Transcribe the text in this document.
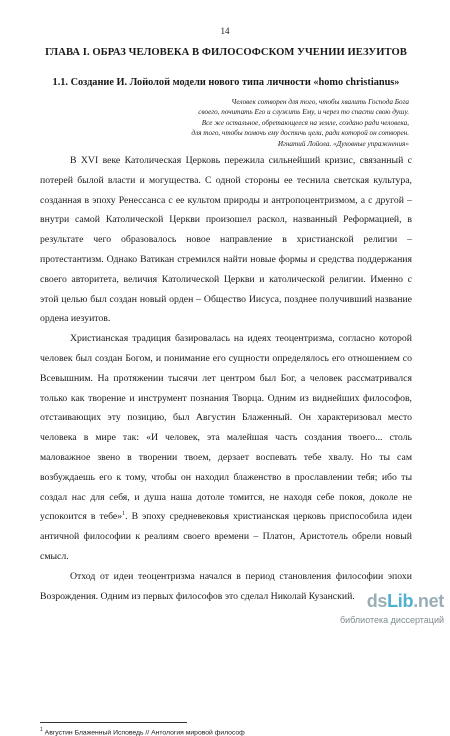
14
ГЛАВА I. ОБРАЗ ЧЕЛОВЕКА В ФИЛОСОФСКОМ УЧЕНИИ ИЕЗУИТОВ
1.1. Создание И. Лойолой модели нового типа личности «homo christianus»
Человек сотворен для того, чтобы хвалить Господа Бога
своего, почитать Его и служить Ему, и через то спасти свою душу.
Все же остальное, обретающееся на земле, создано ради человека,
для того, чтобы помочь ему достичь цели, ради которой он сотворен.
Игнатий Лойола. «Духовные упражнения»

В XVI веке Католическая Церковь пережила сильнейший кризис, связанный с потерей былой власти и могущества. С одной стороны ее теснила светская культура, созданная в эпоху Ренессанса с ее культом природы и антропоцентризмом, а с другой – внутри самой Католической Церкви произошел раскол, названный Реформацией, в результате чего образовалось новое направление в христианской религии – протестантизм. Однако Ватикан стремился найти новые формы и средства поддержания своего авторитета, величия Католической Церкви и католической религии. Именно с этой целью был создан новый орден – Общество Иисуса, позднее получивший название ордена иезуитов.

Христианская традиция базировалась на идеях теоцентризма, согласно которой человек был создан Богом, и понимание его сущности определялось его отношением со Всевышним. На протяжении тысячи лет центром был Бог, а человек рассматривался только как творение и инструмент познания Творца. Одним из виднейших философов, отстаивающих эту позицию, был Августин Блаженный. Он характеризовал место человека в мире так: «И человек, эта малейшая часть создания твоего... столь маловажное звено в творении твоем, дерзает воспевать тебе хвалу. Но ты сам возбуждаешь его к тому, чтобы он находил блаженство в прославлении тебя; ибо ты создал нас для себя, и душа наша дотоле томится, не находя себе покоя, доколе не успокоится в тебе»$^1$. В эпоху средневековья христианская церковь приспособила идеи античной философии к реалиям своего времени – Платон, Аристотель обрели новый смысл.

Отход от идеи теоцентризма начался в период становления философии эпохи Возрождения. Одним из первых философов это сделал Николай Кузанский.

$^1$ Августин Блаженный Исповедь // Антология мировой философ
dsLib.net
библиотека диссертаций
